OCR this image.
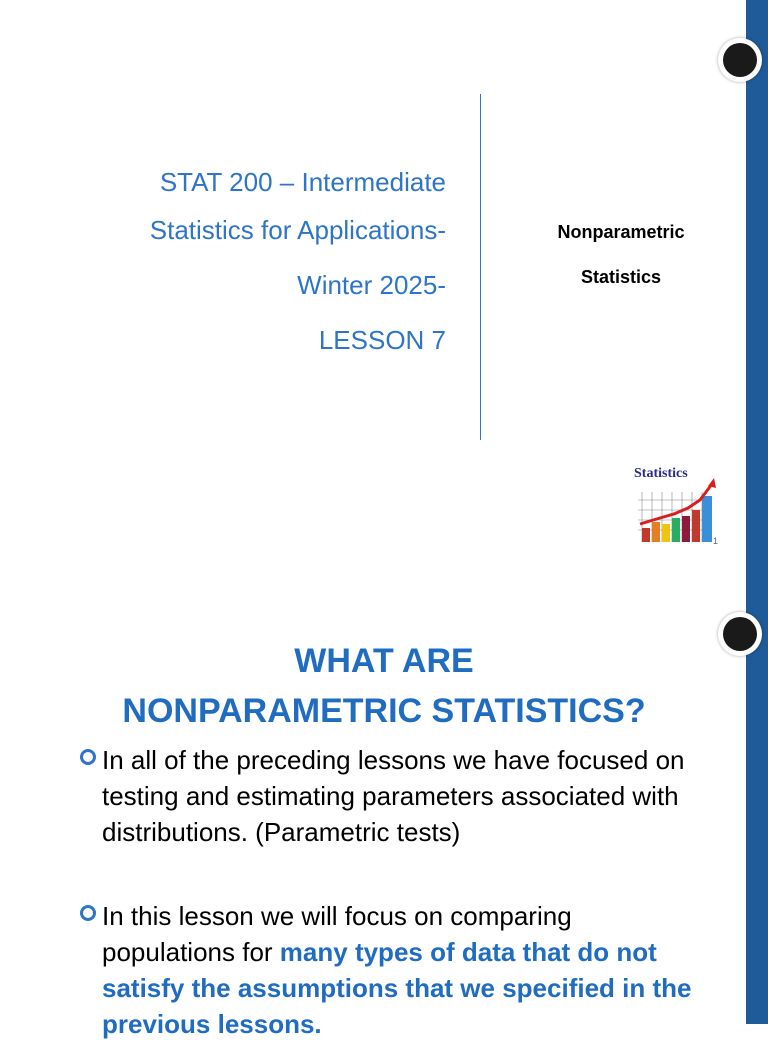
STAT 200 – Intermediate
Statistics for Applications-
Winter 2025-
LESSON 7
Nonparametric
Statistics
Statistics
1
WHAT ARE
NONPARAMETRIC STATISTICS?
In all of the preceding lessons we have focused on testing and estimating parameters associated with distributions. (Parametric tests)
In this lesson we will focus on comparing populations for many types of data that do not satisfy the assumptions that we specified in the previous lessons.
